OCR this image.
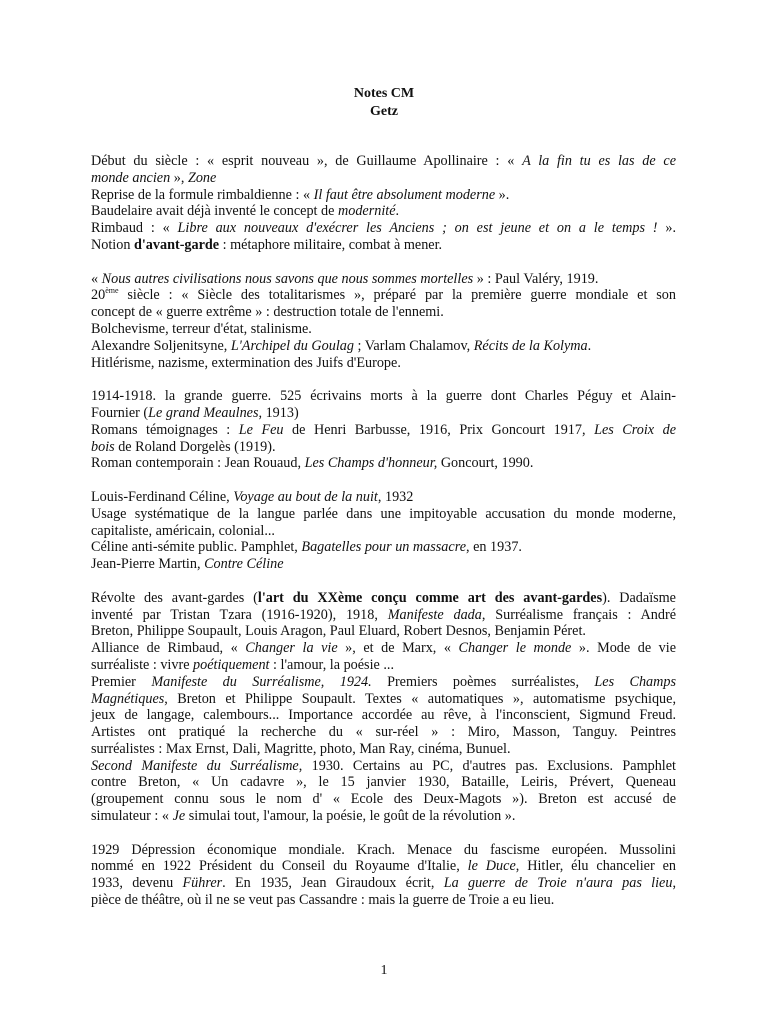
Notes CM
Getz
Début du siècle : « esprit nouveau », de Guillaume Apollinaire : « A la fin tu es las de ce
monde ancien », Zone
Reprise de la formule rimbaldienne : « Il faut être absolument moderne ».
Baudelaire avait déjà inventé le concept de modernité.
Rimbaud : « Libre aux nouveaux d'exécrer les Anciens ; on est jeune et on a le temps ! ».
Notion d'avant-garde : métaphore militaire, combat à mener.
« Nous autres civilisations nous savons que nous sommes mortelles » : Paul Valéry, 1919.
20ème siècle : « Siècle des totalitarismes », préparé par la première guerre mondiale et son
concept de « guerre extrême » : destruction totale de l'ennemi.
Bolchevisme, terreur d'état, stalinisme.
Alexandre Soljenitsyne, L'Archipel du Goulag ; Varlam Chalamov, Récits de la Kolyma.
Hitlérisme, nazisme, extermination des Juifs d'Europe.
1914-1918. la grande guerre. 525 écrivains morts à la guerre dont Charles Péguy et Alain-
Fournier (Le grand Meaulnes, 1913)
Romans témoignages : Le Feu de Henri Barbusse, 1916, Prix Goncourt 1917, Les Croix de
bois de Roland Dorgelès (1919).
Roman contemporain : Jean Rouaud, Les Champs d'honneur, Goncourt, 1990.
Louis-Ferdinand Céline, Voyage au bout de la nuit, 1932
Usage systématique de la langue parlée dans une impitoyable accusation du monde moderne,
capitaliste, américain, colonial...
Céline anti-sémite public. Pamphlet, Bagatelles pour un massacre, en 1937.
Jean-Pierre Martin, Contre Céline
Révolte des avant-gardes (l'art du XXème conçu comme art des avant-gardes). Dadaïsme
inventé par Tristan Tzara (1916-1920), 1918, Manifeste dada, Surréalisme français : André
Breton, Philippe Soupault, Louis Aragon, Paul Eluard, Robert Desnos, Benjamin Péret.
Alliance de Rimbaud, « Changer la vie », et de Marx, « Changer le monde ». Mode de vie
surréaliste : vivre poétiquement : l'amour, la poésie ...
Premier Manifeste du Surréalisme, 1924. Premiers poèmes surréalistes, Les Champs
Magnétiques, Breton et Philippe Soupault. Textes « automatiques », automatisme psychique,
jeux de langage, calembours... Importance accordée au rêve, à l'inconscient, Sigmund Freud.
Artistes ont pratiqué la recherche du « sur-réel » : Miro, Masson, Tanguy. Peintres
surréalistes : Max Ernst, Dali, Magritte, photo, Man Ray, cinéma, Bunuel.
Second Manifeste du Surréalisme, 1930. Certains au PC, d'autres pas. Exclusions. Pamphlet
contre Breton, « Un cadavre », le 15 janvier 1930, Bataille, Leiris, Prévert, Queneau
(groupement connu sous le nom d' « Ecole des Deux-Magots »). Breton est accusé de
simulateur : « Je simulai tout, l'amour, la poésie, le goût de la révolution ».
1929 Dépression économique mondiale. Krach. Menace du fascisme européen. Mussolini
nommé en 1922 Président du Conseil du Royaume d'Italie, le Duce, Hitler, élu chancelier en
1933, devenu Führer. En 1935, Jean Giraudoux écrit, La guerre de Troie n'aura pas lieu,
pièce de théâtre, où il ne se veut pas Cassandre : mais la guerre de Troie a eu lieu.
1
